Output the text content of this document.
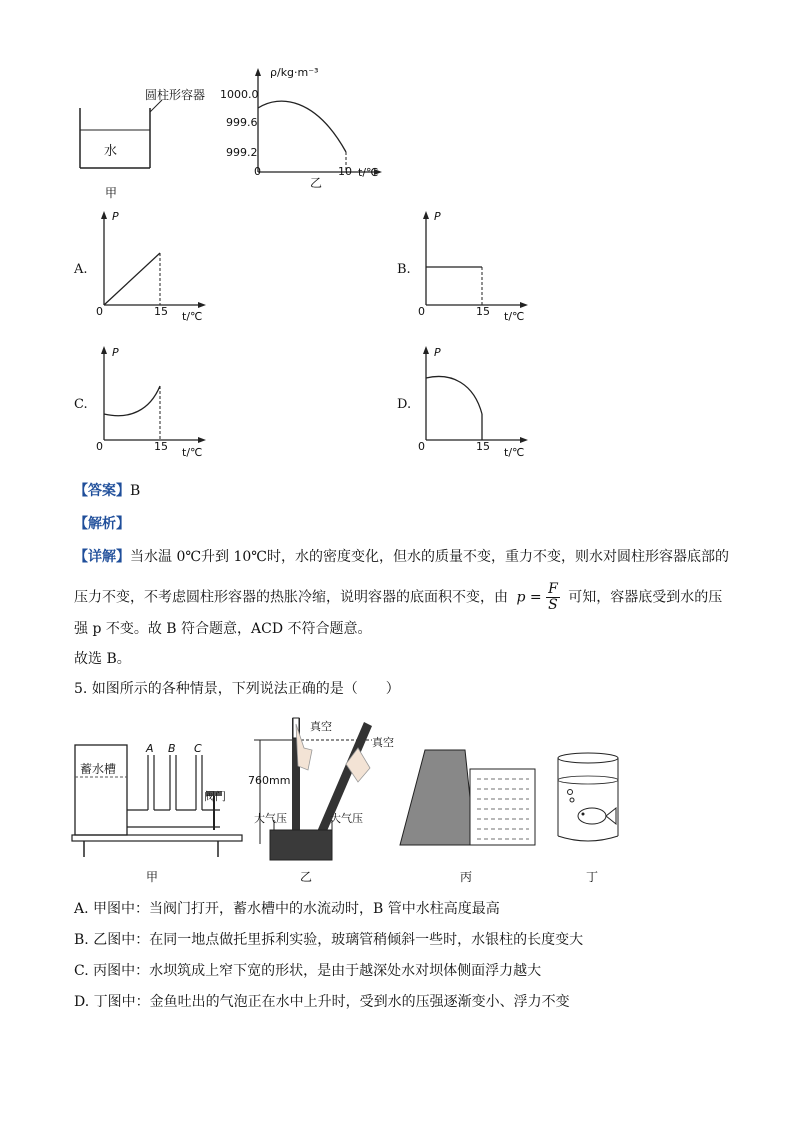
圆柱形容器
水
甲
ρ/kg·m⁻³
1000.0
999.6
999.2
0	10 t/℃
乙
A.
P
0	15 t/℃
B.
P
0	15 t/℃
C.
P
0	15 t/℃
D.
P
0	15 t/℃
【答案】B
【解析】
【详解】当水温 0℃升到 10℃时，水的密度变化，但水的质量不变，重力不变，则水对圆柱形容器底部的
压力不变，不考虑圆柱形容器的热胀冷缩，说明容器的底面积不变，由 $p = \frac{F}{S}$ 可知，容器底受到水的压
强 p 不变。故 B 符合题意，ACD 不符合题意。
故选 B。
5. 如图所示的各种情景，下列说法正确的是（　　）
蓄水槽
A B C
阀门
甲
真空
真空
760mm
大气压	大气压
乙	丙	丁
A. 甲图中：当阀门打开，蓄水槽中的水流动时，B 管中水柱高度最高
B. 乙图中：在同一地点做托里拆利实验，玻璃管稍倾斜一些时，水银柱的长度变大
C. 丙图中：水坝筑成上窄下宽的形状，是由于越深处水对坝体侧面浮力越大
D. 丁图中：金鱼吐出的气泡正在水中上升时，受到水的压强逐渐变小、浮力不变
